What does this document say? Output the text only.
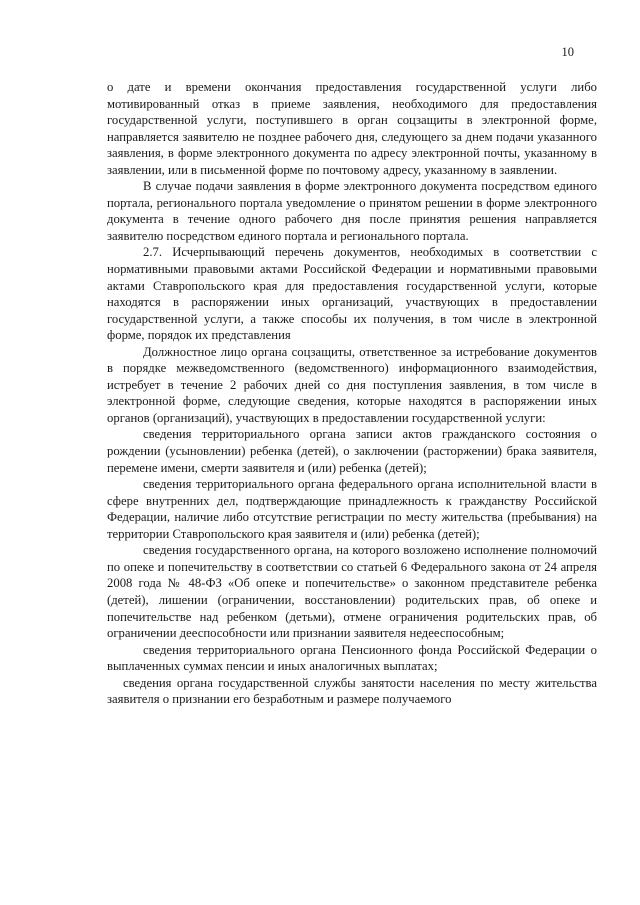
10

о дате и времени окончания предоставления государственной услуги либо мотивированный отказ в приеме заявления, необходимого для предоставления государственной услуги, поступившего в орган соцзащиты в электронной форме, направляется заявителю не позднее рабочего дня, следующего за днем подачи указанного заявления, в форме электронного документа по адресу электронной почты, указанному в заявлении, или в письменной форме по почтовому адресу, указанному в заявлении.

В случае подачи заявления в форме электронного документа посредством единого портала, регионального портала уведомление о принятом решении в форме электронного документа в течение одного рабочего дня после принятия решения направляется заявителю посредством единого портала и регионального портала.

2.7. Исчерпывающий перечень документов, необходимых в соответствии с нормативными правовыми актами Российской Федерации и нормативными правовыми актами Ставропольского края для предоставления государственной услуги, которые находятся в распоряжении иных организаций, участвующих в предоставлении государственной услуги, а также способы их получения, в том числе в электронной форме, порядок их представления

Должностное лицо органа соцзащиты, ответственное за истребование документов в порядке межведомственного (ведомственного) информационного взаимодействия, истребует в течение 2 рабочих дней со дня поступления заявления, в том числе в электронной форме, следующие сведения, которые находятся в распоряжении иных органов (организаций), участвующих в предоставлении государственной услуги:

сведения территориального органа записи актов гражданского состояния о рождении (усыновлении) ребенка (детей), о заключении (расторжении) брака заявителя, перемене имени, смерти заявителя и (или) ребенка (детей);

сведения территориального органа федерального органа исполнительной власти в сфере внутренних дел, подтверждающие принадлежность к гражданству Российской Федерации, наличие либо отсутствие регистрации по месту жительства (пребывания) на территории Ставропольского края заявителя и (или) ребенка (детей);

сведения государственного органа, на которого возложено исполнение полномочий по опеке и попечительству в соответствии со статьей 6 Федерального закона от 24 апреля 2008 года № 48-ФЗ «Об опеке и попечительстве» о законном представителе ребенка (детей), лишении (ограничении, восстановлении) родительских прав, об опеке и попечительстве над ребенком (детьми), отмене ограничения родительских прав, об ограничении дееспособности или признании заявителя недееспособным;

сведения территориального органа Пенсионного фонда Российской Федерации о выплаченных суммах пенсии и иных аналогичных выплатах;

сведения органа государственной службы занятости населения по месту жительства заявителя о признании его безработным и размере получаемого
